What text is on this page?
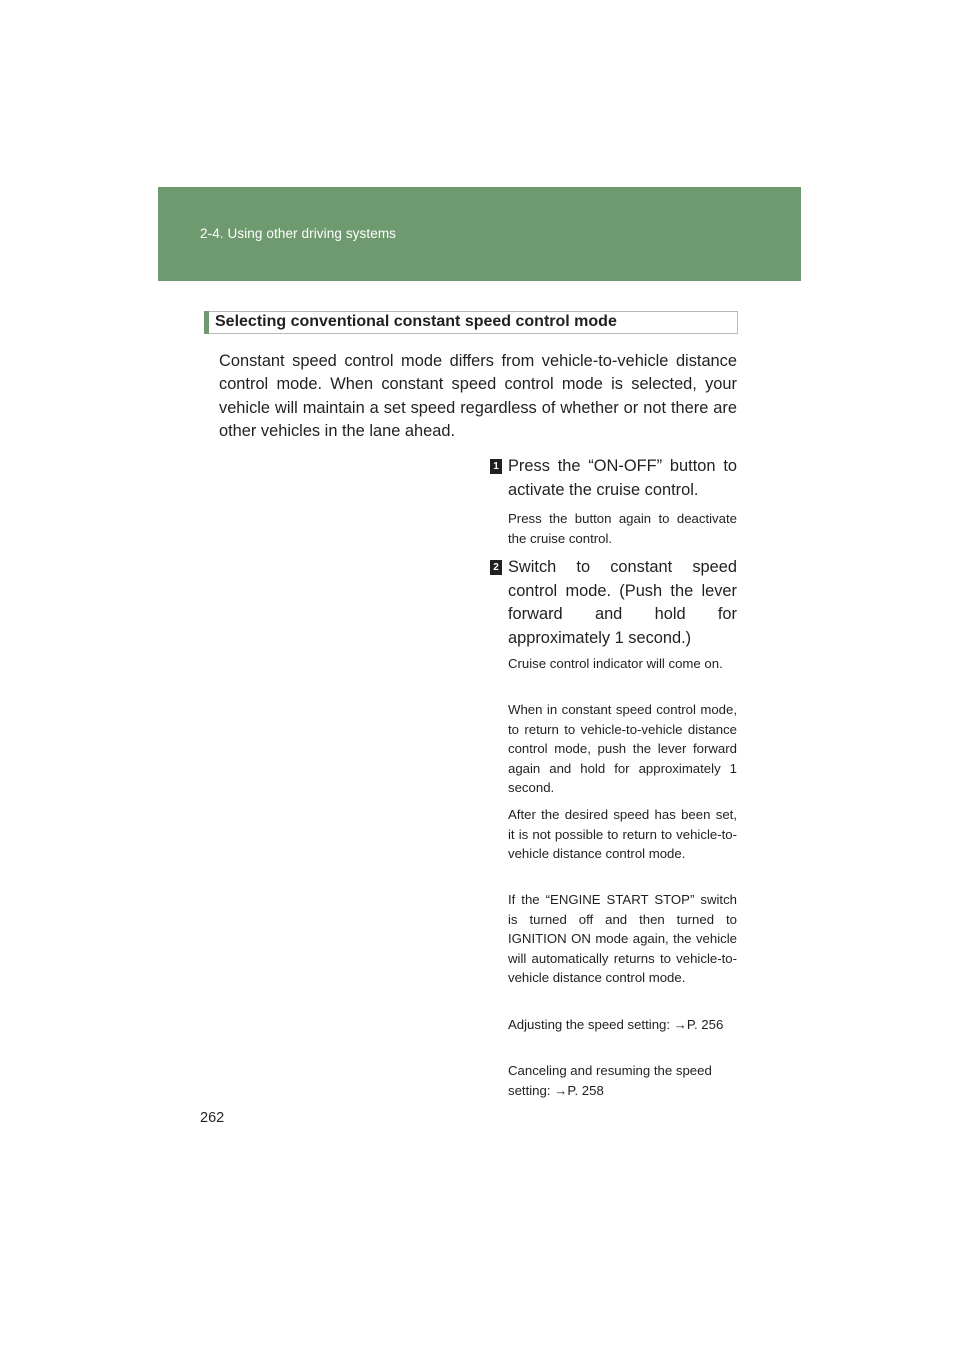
2-4. Using other driving systems
Selecting conventional constant speed control mode

Constant speed control mode differs from vehicle-to-vehicle distance control mode. When constant speed control mode is selected, your vehicle will maintain a set speed regardless of whether or not there are other vehicles in the lane ahead.

1 Press the “ON-OFF” button to activate the cruise control.

Press the button again to deactivate the cruise control.

2 Switch to constant speed control mode. (Push the lever forward and hold for approximately 1 second.)

Cruise control indicator will come on.

When in constant speed control mode, to return to vehicle-to-vehicle distance control mode, push the lever forward again and hold for approximately 1 second.

After the desired speed has been set, it is not possible to return to vehicle-to-vehicle distance control mode.

If the “ENGINE START STOP” switch is turned off and then turned to IGNITION ON mode again, the vehicle will automatically returns to vehicle-to-vehicle distance control mode.

Adjusting the speed setting: →P. 256

Canceling and resuming the speed setting: →P. 258

262
